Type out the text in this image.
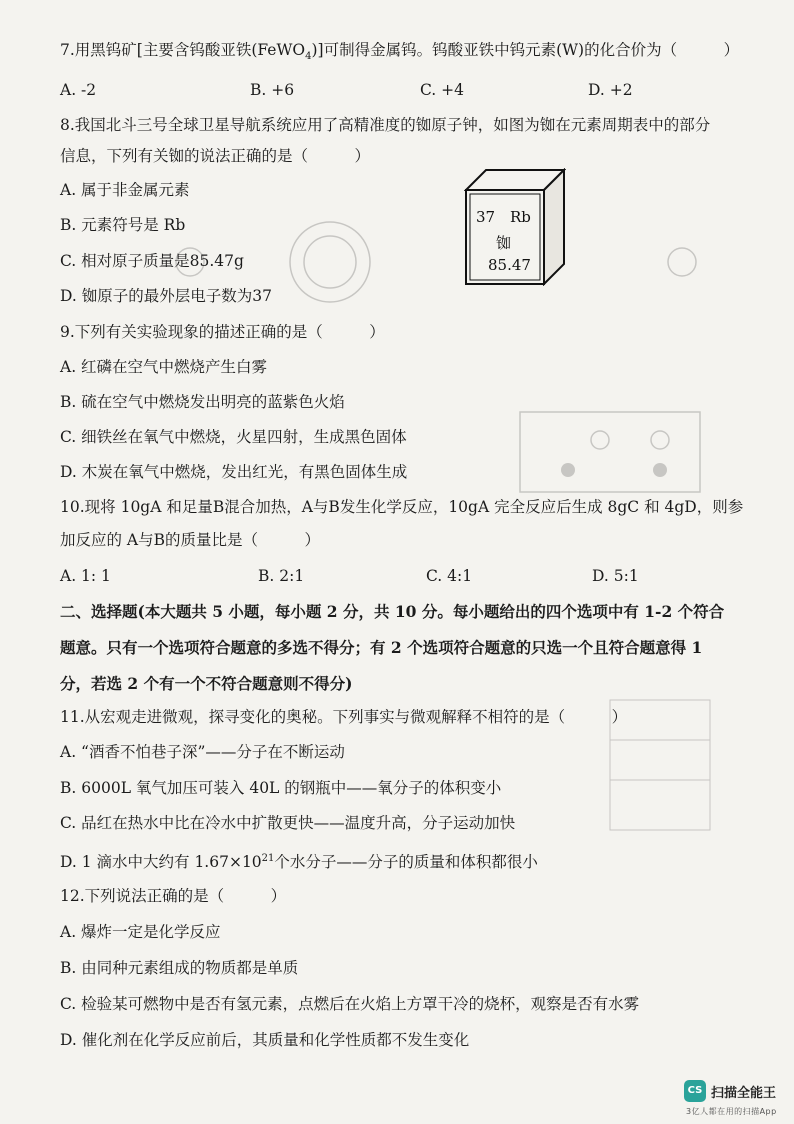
7.用黑钨矿[主要含钨酸亚铁(FeWO$_4$)]可制得金属钨。钨酸亚铁中钨元素(W)的化合价为（　　　）
A. -2	B. +6	C. +4	D. +2
8.我国北斗三号全球卫星导航系统应用了高精准度的铷原子钟，如图为铷在元素周期表中的部分
信息，下列有关铷的说法正确的是（　　　）
A. 属于非金属元素
B. 元素符号是 Rb
C. 相对原子质量是85.47g
D. 铷原子的最外层电子数为37
37 Rb
铷
85.47
9.下列有关实验现象的描述正确的是（　　　）
A. 红磷在空气中燃烧产生白雾
B. 硫在空气中燃烧发出明亮的蓝紫色火焰
C. 细铁丝在氧气中燃烧，火星四射，生成黑色固体
D. 木炭在氧气中燃烧，发出红光，有黑色固体生成
10.现将 10gA 和足量B混合加热，A与B发生化学反应，10gA 完全反应后生成 8gC 和 4gD，则参
加反应的 A与B的质量比是（　　　）
A. 1: 1	B. 2:1	C. 4:1	D. 5:1
二、选择题(本大题共 5 小题，每小题 2 分，共 10 分。每小题给出的四个选项中有 1-2 个符合
题意。只有一个选项符合题意的多选不得分；有 2 个选项符合题意的只选一个且符合题意得 1
分，若选 2 个有一个不符合题意则不得分)
11.从宏观走进微观，探寻变化的奥秘。下列事实与微观解释不相符的是（　　　）
A. “酒香不怕巷子深”——分子在不断运动
B. 6000L 氧气加压可装入 40L 的钢瓶中——氧分子的体积变小
C. 品红在热水中比在冷水中扩散更快——温度升高，分子运动加快
D. 1 滴水中大约有 $1.67\times 10^{21}$个水分子——分子的质量和体积都很小
12.下列说法正确的是（　　　）
A. 爆炸一定是化学反应
B. 由同种元素组成的物质都是单质
C. 检验某可燃物中是否有氢元素，点燃后在火焰上方罩干冷的烧杯，观察是否有水雾
D. 催化剂在化学反应前后，其质量和化学性质都不发生变化
CS 扫描全能王
3亿人都在用的扫描App
